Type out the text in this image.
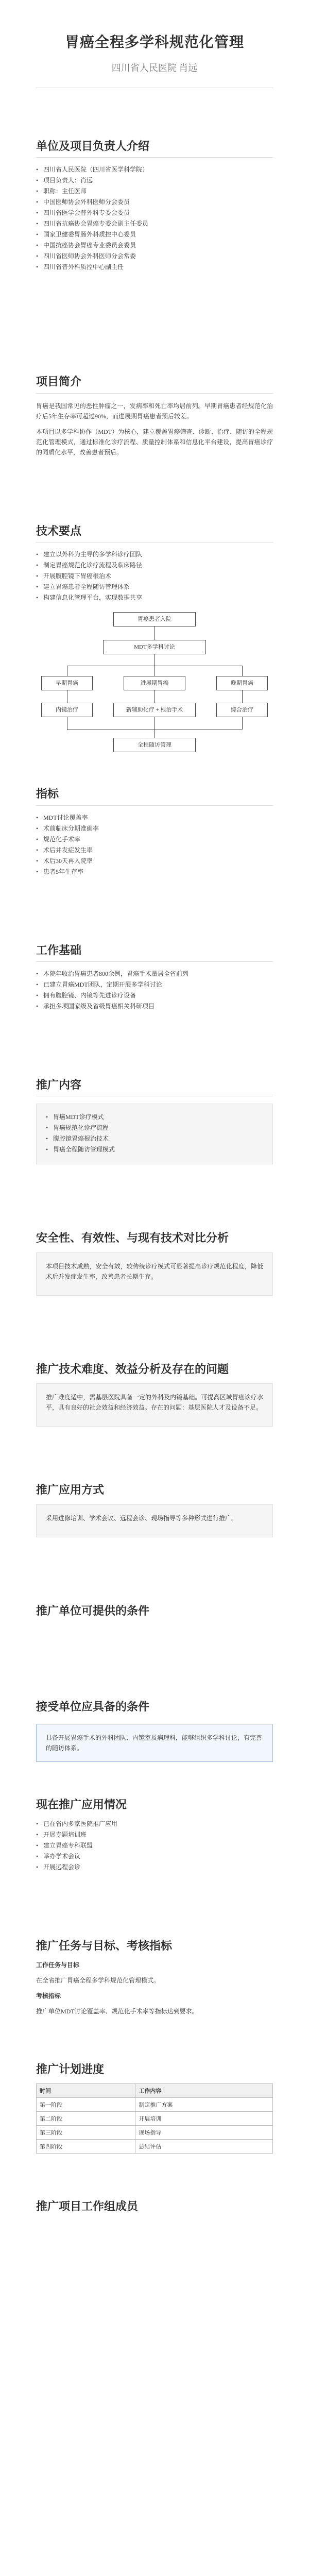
胃癌全程多学科规范化管理

四川省人民医院 肖远

单位及项目负责人介绍
• 四川省人民医院（四川省医学科学院）
• 项目负责人：肖远
• 职称：主任医师
• 中国医师协会外科医师分会委员
• 四川省医学会普外科专委会委员
• 四川省抗癌协会胃癌专委会副主任委员
• 国家卫健委胃肠外科质控中心委员
• 中国抗癌协会胃癌专业委员会委员
• 四川省医师协会外科医师分会常委
• 四川省普外科质控中心副主任
项目简介

胃癌是我国常见的恶性肿瘤之一，发病率和死亡率均居前列。早期胃癌患者经规范化治疗后5年生存率可超过90%，而进展期胃癌患者预后较差。

本项目以多学科协作（MDT）为核心，建立覆盖胃癌筛查、诊断、治疗、随访的全程规范化管理模式，通过标准化诊疗流程、质量控制体系和信息化平台建设，提高胃癌诊疗的同质化水平，改善患者预后。

技术要点
• 建立以外科为主导的多学科诊疗团队
• 制定胃癌规范化诊疗流程及临床路径
• 开展腹腔镜下胃癌根治术
• 建立胃癌患者全程随访管理体系
• 构建信息化管理平台，实现数据共享
胃癌患者入院
MDT多学科讨论
早期胃癌	进展期胃癌	晚期胃癌
内镜治疗	新辅助化疗 + 根治手术	综合治疗
全程随访管理
指标
• MDT讨论覆盖率
• 术前临床分期准确率
• 规范化手术率
• 术后并发症发生率
• 术后30天再入院率
• 患者5年生存率
工作基础
• 本院年收治胃癌患者800余例，胃癌手术量居全省前列
• 已建立胃癌MDT团队，定期开展多学科讨论
• 拥有腹腔镜、内镜等先进诊疗设备
• 承担多项国家级及省级胃癌相关科研项目
推广内容
• 胃癌MDT诊疗模式
• 胃癌规范化诊疗流程
• 腹腔镜胃癌根治技术
• 胃癌全程随访管理模式
安全性、有效性、与现有技术对比分析

本项目技术成熟，安全有效，较传统诊疗模式可显著提高诊疗规范化程度，降低术后并发症发生率，改善患者长期生存。

推广技术难度、效益分析及存在的问题

推广难度适中，需基层医院具备一定的外科及内镜基础。可提高区域胃癌诊疗水平，具有良好的社会效益和经济效益。存在的问题：基层医院人才及设备不足。

推广应用方式

采用进修培训、学术会议、远程会诊、现场指导等多种形式进行推广。

推广单位可提供的条件
接受单位应具备的条件
具备开展胃癌手术的外科团队、内镜室及病理科，能够组织多学科讨论，有完善的随访体系。
现在推广应用情况
• 已在省内多家医院推广应用
• 开展专题培训班
• 建立胃癌专科联盟
• 举办学术会议
• 开展远程会诊
推广任务与目标、考核指标

工作任务与目标

在全省推广胃癌全程多学科规范化管理模式。

考核指标

推广单位MDT讨论覆盖率、规范化手术率等指标达到要求。

推广计划进度
时间	工作内容
第一阶段	制定推广方案
第二阶段	开展培训
第三阶段	现场指导
第四阶段	总结评估
推广项目工作组成员
